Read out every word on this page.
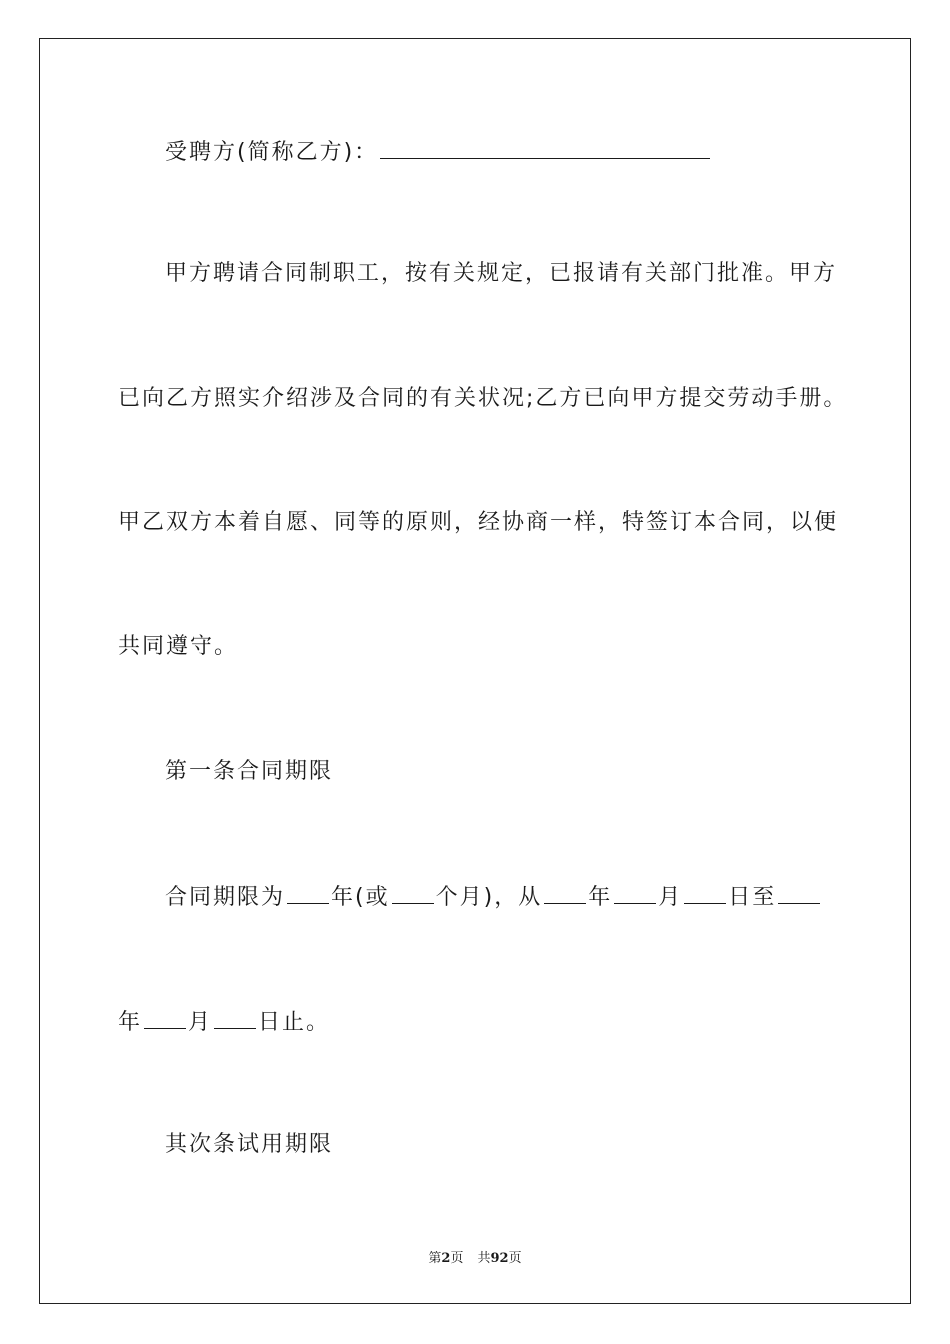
受聘方(简称乙方)：
甲方聘请合同制职工，按有关规定，已报请有关部门批准。甲方
已向乙方照实介绍涉及合同的有关状况;乙方已向甲方提交劳动手册。
甲乙双方本着自愿、同等的原则，经协商一样，特签订本合同，以便
共同遵守。
第一条合同期限
合同期限为 年(或 个月)，从 年 月 日至
年 月 日止。
其次条试用期限
第2页 共92页
